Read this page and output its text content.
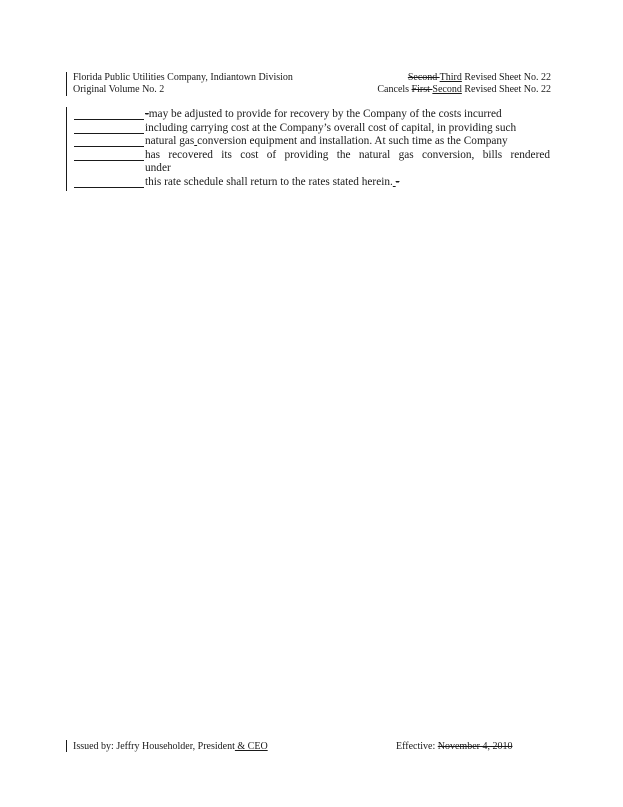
Florida Public Utilities Company, Indiantown Division	Second Third Revised Sheet No. 22
Original Volume No. 2	Cancels First Second Revised Sheet No. 22
-may be adjusted to provide for recovery by the Company of the costs incurred
including carrying cost at the Company’s overall cost of capital, in providing such
natural gas conversion equipment and installation. At such time as the Company
has recovered its cost of providing the natural gas conversion, bills rendered
under
this rate schedule shall return to the rates stated herein. -
Issued by: Jeffry Householder, President & CEO	Effective: November 4, 2010
